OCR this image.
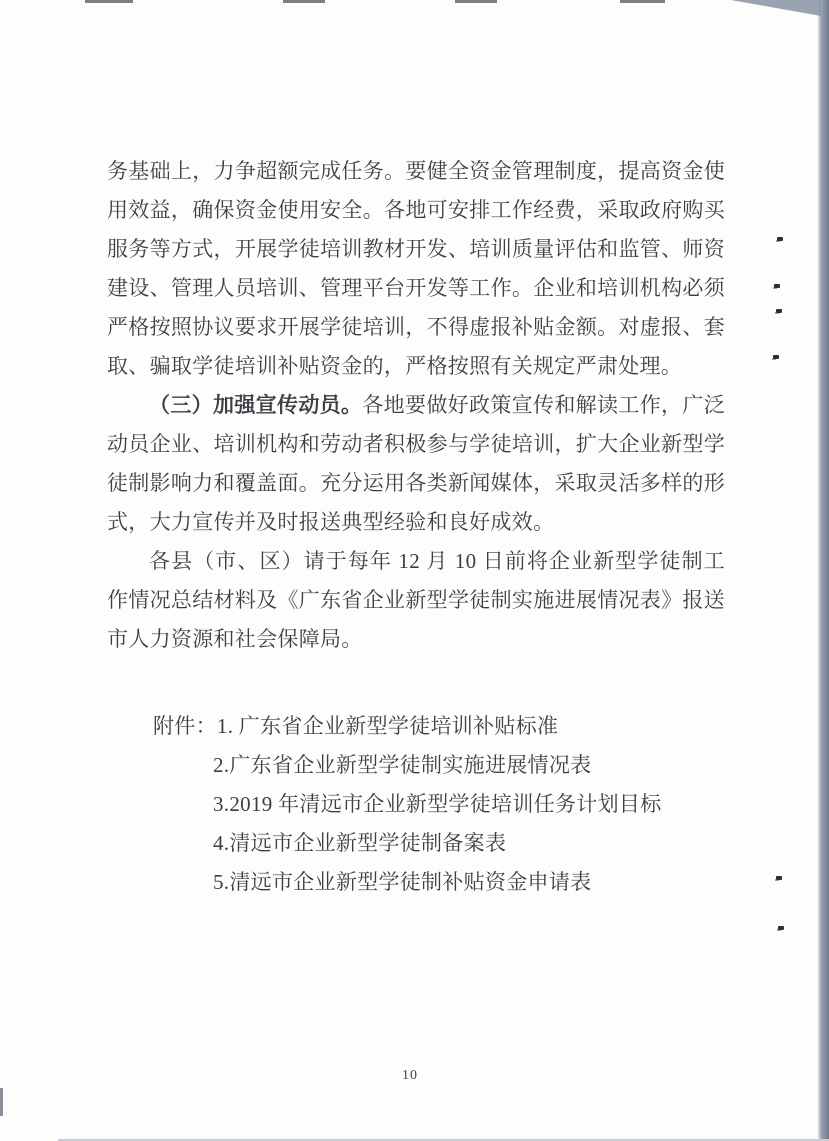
务基础上，力争超额完成任务。要健全资金管理制度，提高资金使用效益，确保资金使用安全。各地可安排工作经费，采取政府购买服务等方式，开展学徒培训教材开发、培训质量评估和监管、师资建设、管理人员培训、管理平台开发等工作。企业和培训机构必须严格按照协议要求开展学徒培训，不得虚报补贴金额。对虚报、套取、骗取学徒培训补贴资金的，严格按照有关规定严肃处理。

（三）加强宣传动员。各地要做好政策宣传和解读工作，广泛动员企业、培训机构和劳动者积极参与学徒培训，扩大企业新型学徒制影响力和覆盖面。充分运用各类新闻媒体，采取灵活多样的形式，大力宣传并及时报送典型经验和良好成效。

各县（市、区）请于每年 12 月 10 日前将企业新型学徒制工作情况总结材料及《广东省企业新型学徒制实施进展情况表》报送市人力资源和社会保障局。

附件： 1. 广东省企业新型学徒培训补贴标准
2.广东省企业新型学徒制实施进展情况表
3.2019 年清远市企业新型学徒培训任务计划目标
4.清远市企业新型学徒制备案表
5.清远市企业新型学徒制补贴资金申请表
10
